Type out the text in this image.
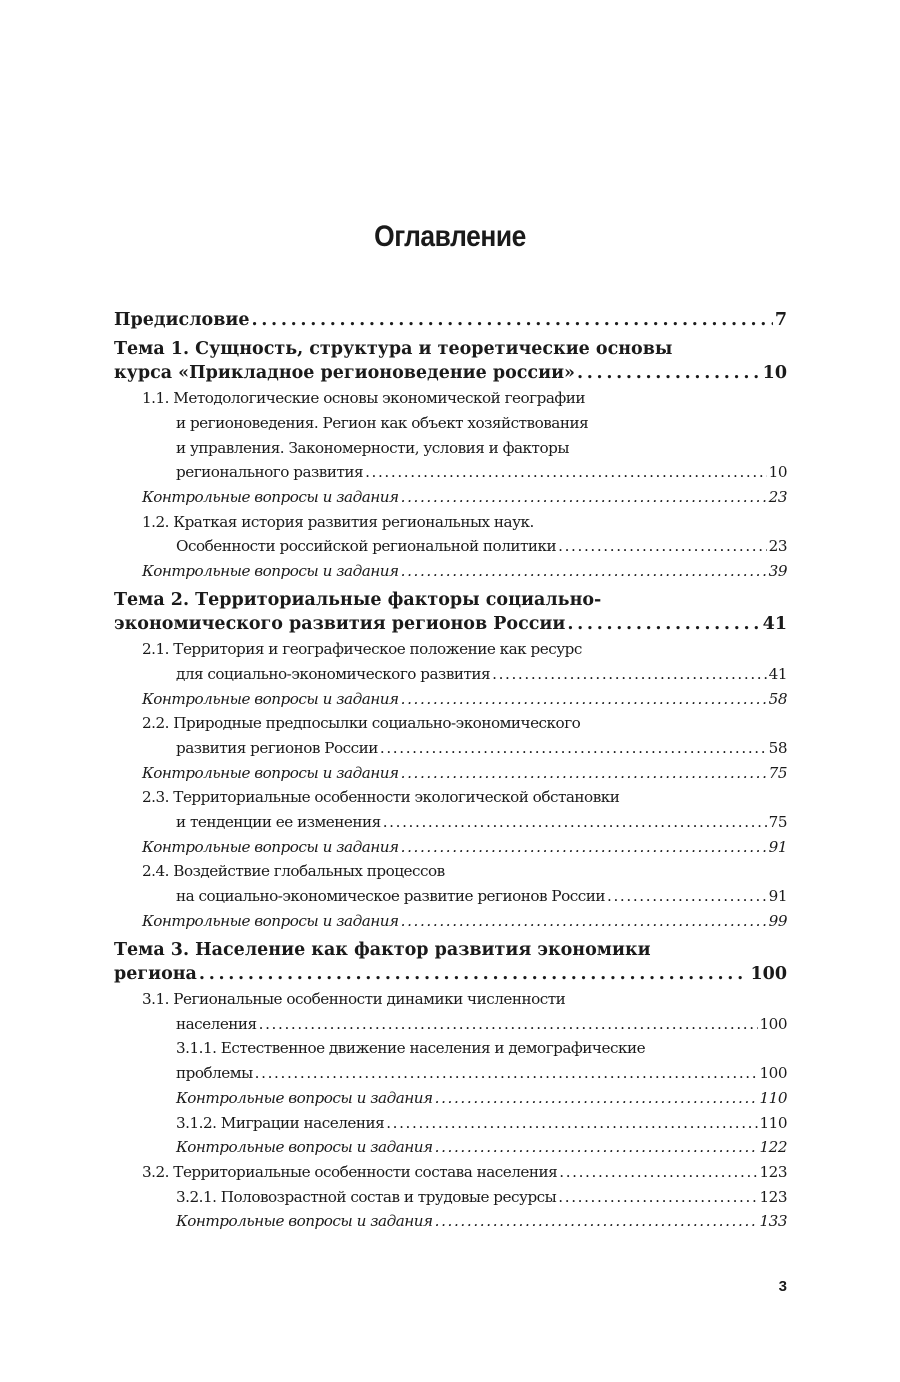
Оглавление
Предисловие . . .	7
Тема 1. Сущность, структура и теоретические основы
курса «Прикладное регионоведение россии» . . .	10
1.1. Методологические основы экономической географии
и регионоведения. Регион как объект хозяйствования
и управления. Закономерности, условия и факторы
регионального развития . . .	10
Контрольные вопросы и задания . . .	23
1.2. Краткая история развития региональных наук.
Особенности российской региональной политики . . .	23
Контрольные вопросы и задания . . .	39
Тема 2. Территориальные факторы социально-
экономического развития регионов России . . .	41
2.1. Территория и географическое положение как ресурс
для социально-экономического развития . . .	41
Контрольные вопросы и задания . . .	58
2.2. Природные предпосылки социально-экономического
развития регионов России . . .	58
Контрольные вопросы и задания . . .	75
2.3. Территориальные особенности экологической обстановки
и тенденции ее изменения . . .	75
Контрольные вопросы и задания . . .	91
2.4. Воздействие глобальных процессов
на социально-экономическое развитие регионов России . . .	91
Контрольные вопросы и задания . . .	99
Тема 3. Население как фактор развития экономики
региона . . .	100
3.1. Региональные особенности динамики численности
населения . . .	100
3.1.1. Естественное движение населения и демографические
проблемы . . .	100
Контрольные вопросы и задания . . .	110
3.1.2. Миграции населения . . .	110
Контрольные вопросы и задания . . .	122
3.2. Территориальные особенности состава населения . . .	123
3.2.1. Половозрастной состав и трудовые ресурсы . . .	123
Контрольные вопросы и задания . . .	133
3
